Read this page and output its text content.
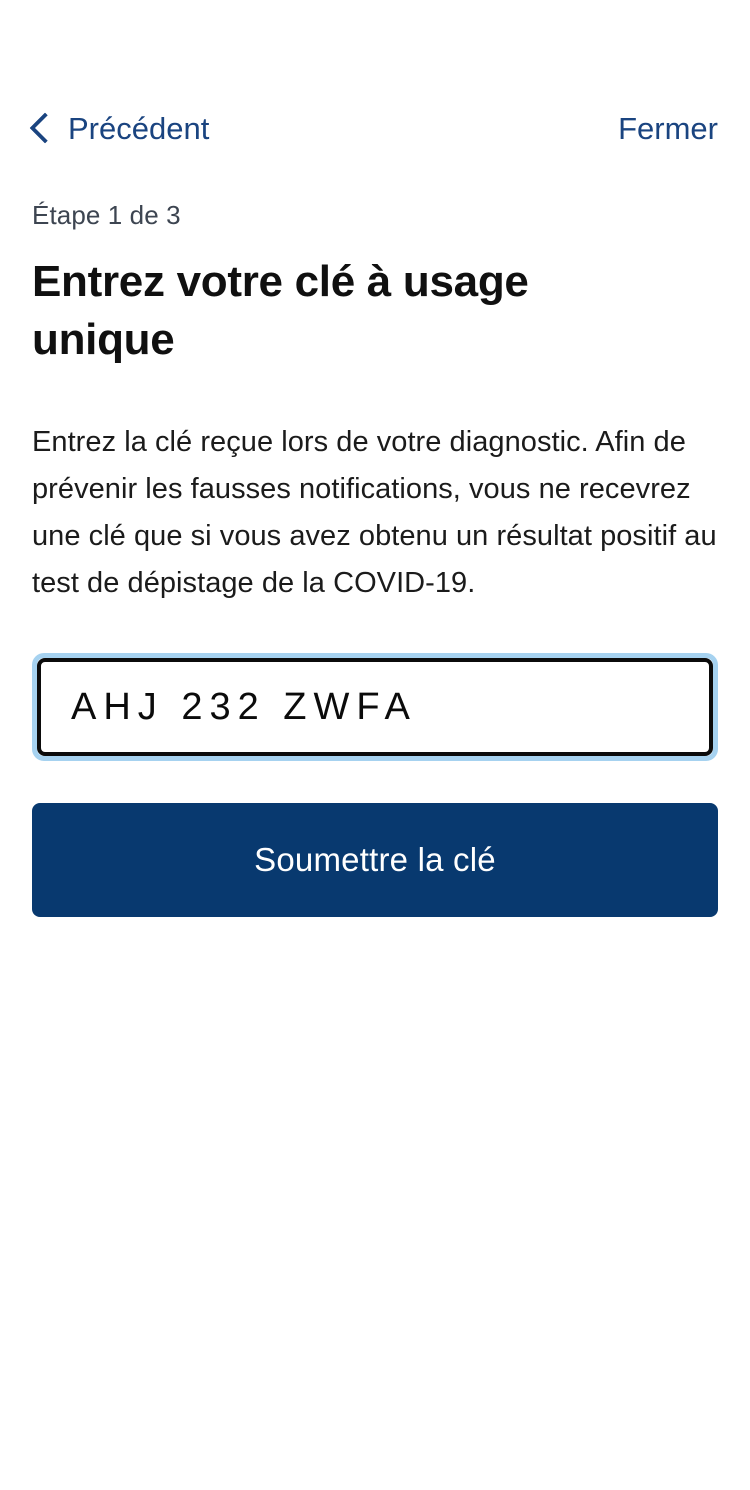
Précédent	Fermer

Étape 1 de 3

Entrez votre clé à usage unique

Entrez la clé reçue lors de votre diagnostic. Afin de prévenir les fausses notifications, vous ne recevrez une clé que si vous avez obtenu un résultat positif au test de dépistage de la COVID-19.

AHJ 232 ZWFA
Soumettre la clé
